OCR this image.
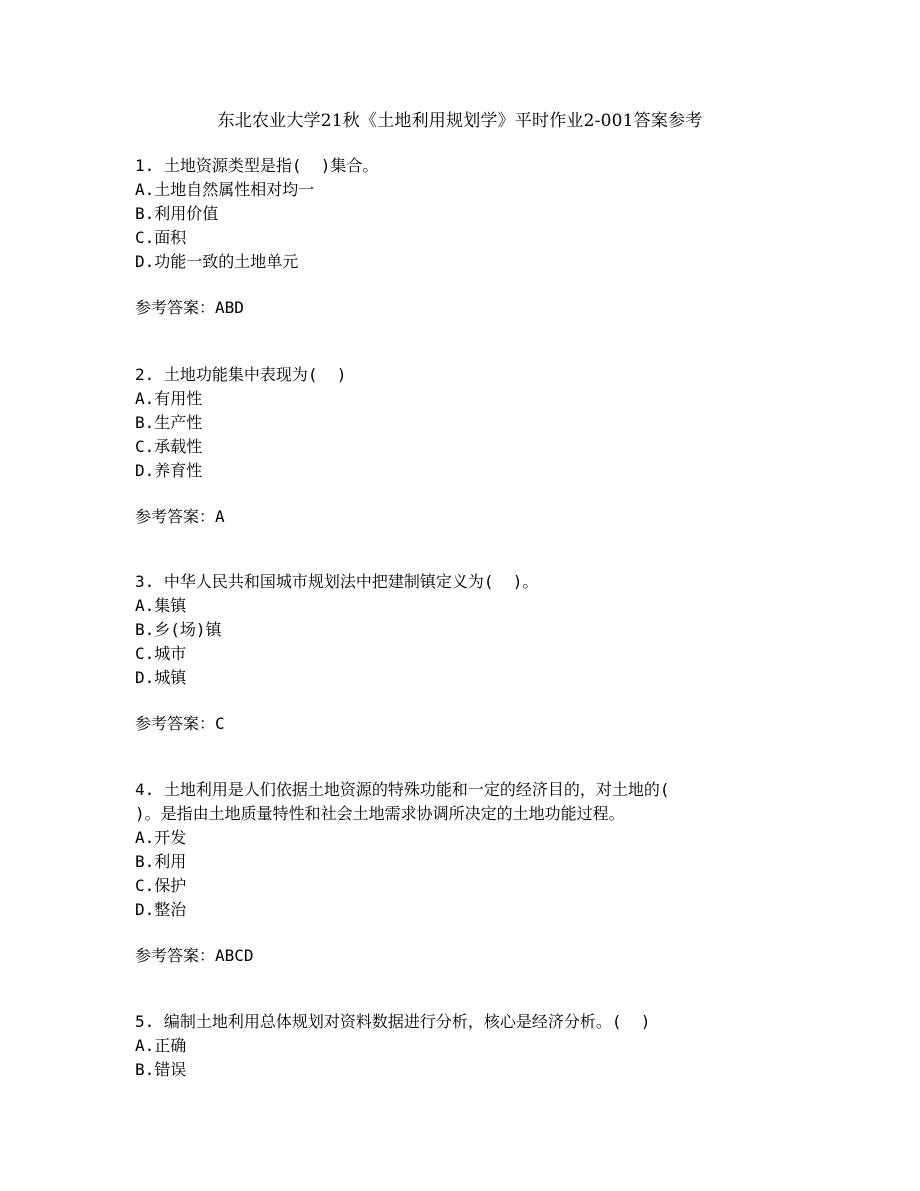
东北农业大学21秋《土地利用规划学》平时作业2-001答案参考
1. 土地资源类型是指(  )集合。
A.土地自然属性相对均一
B.利用价值
C.面积
D.功能一致的土地单元
参考答案：ABD
2. 土地功能集中表现为(  )
A.有用性
B.生产性
C.承载性
D.养育性
参考答案：A
3. 中华人民共和国城市规划法中把建制镇定义为(  )。
A.集镇
B.乡(场)镇
C.城市
D.城镇
参考答案：C
4. 土地利用是人们依据土地资源的特殊功能和一定的经济目的，对土地的(
)。是指由土地质量特性和社会土地需求协调所决定的土地功能过程。
A.开发
B.利用
C.保护
D.整治
参考答案：ABCD
5. 编制土地利用总体规划对资料数据进行分析，核心是经济分析。(  )
A.正确
B.错误
